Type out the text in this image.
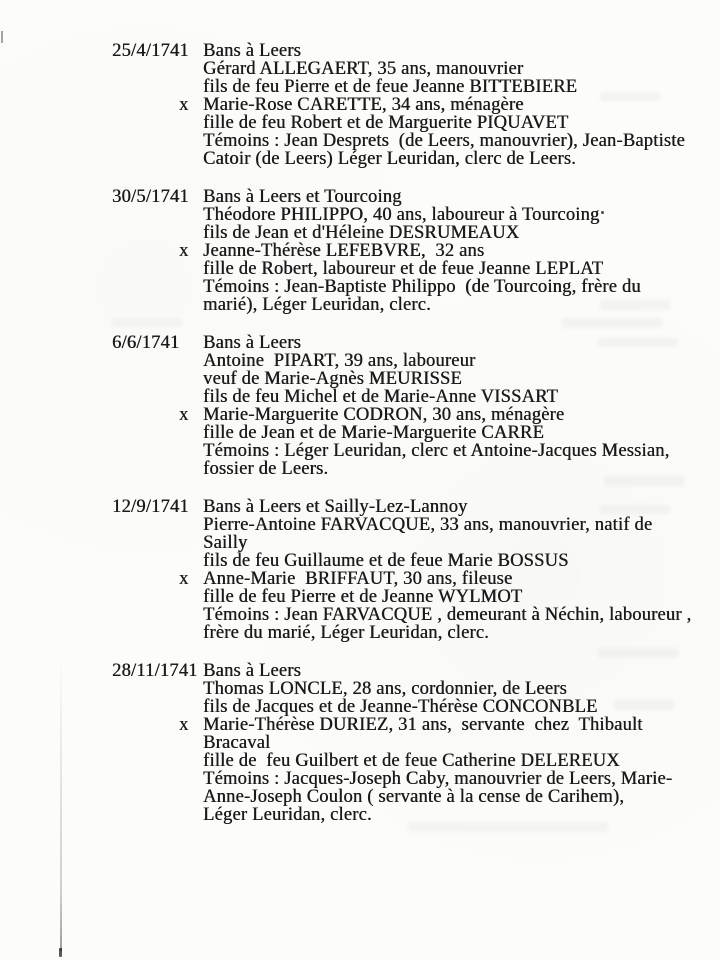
25/4/1741 Bans à Leers
Gérard ALLEGAERT, 35 ans, manouvrier
fils de feu Pierre et de feue Jeanne BITTEBIERE
x Marie-Rose CARETTE, 34 ans, ménagère
fille de feu Robert et de Marguerite PIQUAVET
Témoins : Jean Desprets  (de Leers, manouvrier), Jean-Baptiste
Catoir (de Leers) Léger Leuridan, clerc de Leers.
30/5/1741 Bans à Leers et Tourcoing
Théodore PHILIPPO, 40 ans, laboureur à Tourcoing
fils de Jean et d'Héleine DESRUMEAUX
x Jeanne-Thérèse LEFEBVRE,  32 ans
fille de Robert, laboureur et de feue Jeanne LEPLAT
Témoins : Jean-Baptiste Philippo  (de Tourcoing, frère du
marié), Léger Leuridan, clerc.
6/6/1741	Bans à Leers
Antoine  PIPART, 39 ans, laboureur
veuf de Marie-Agnès MEURISSE
fils de feu Michel et de Marie-Anne VISSART
x Marie-Marguerite CODRON, 30 ans, ménagère
fille de Jean et de Marie-Marguerite CARRE
Témoins : Léger Leuridan, clerc et Antoine-Jacques Messian,
fossier de Leers.
12/9/1741 Bans à Leers et Sailly-Lez-Lannoy
Pierre-Antoine FARVACQUE, 33 ans, manouvrier, natif de
Sailly
fils de feu Guillaume et de feue Marie BOSSUS
x Anne-Marie  BRIFFAUT, 30 ans, fileuse
fille de feu Pierre et de Jeanne WYLMOT
Témoins : Jean FARVACQUE , demeurant à Néchin, laboureur ,
frère du marié, Léger Leuridan, clerc.
28/11/1741 Bans à Leers
Thomas LONCLE, 28 ans, cordonnier, de Leers
fils de Jacques et de Jeanne-Thérèse CONCONBLE
x Marie-Thérèse DURIEZ, 31 ans,  servante  chez  Thibault
Bracaval
fille de  feu Guilbert et de feue Catherine DELEREUX
Témoins : Jacques-Joseph Caby, manouvrier de Leers, Marie-
Anne-Joseph Coulon ( servante à la cense de Carihem),
Léger Leuridan, clerc.
